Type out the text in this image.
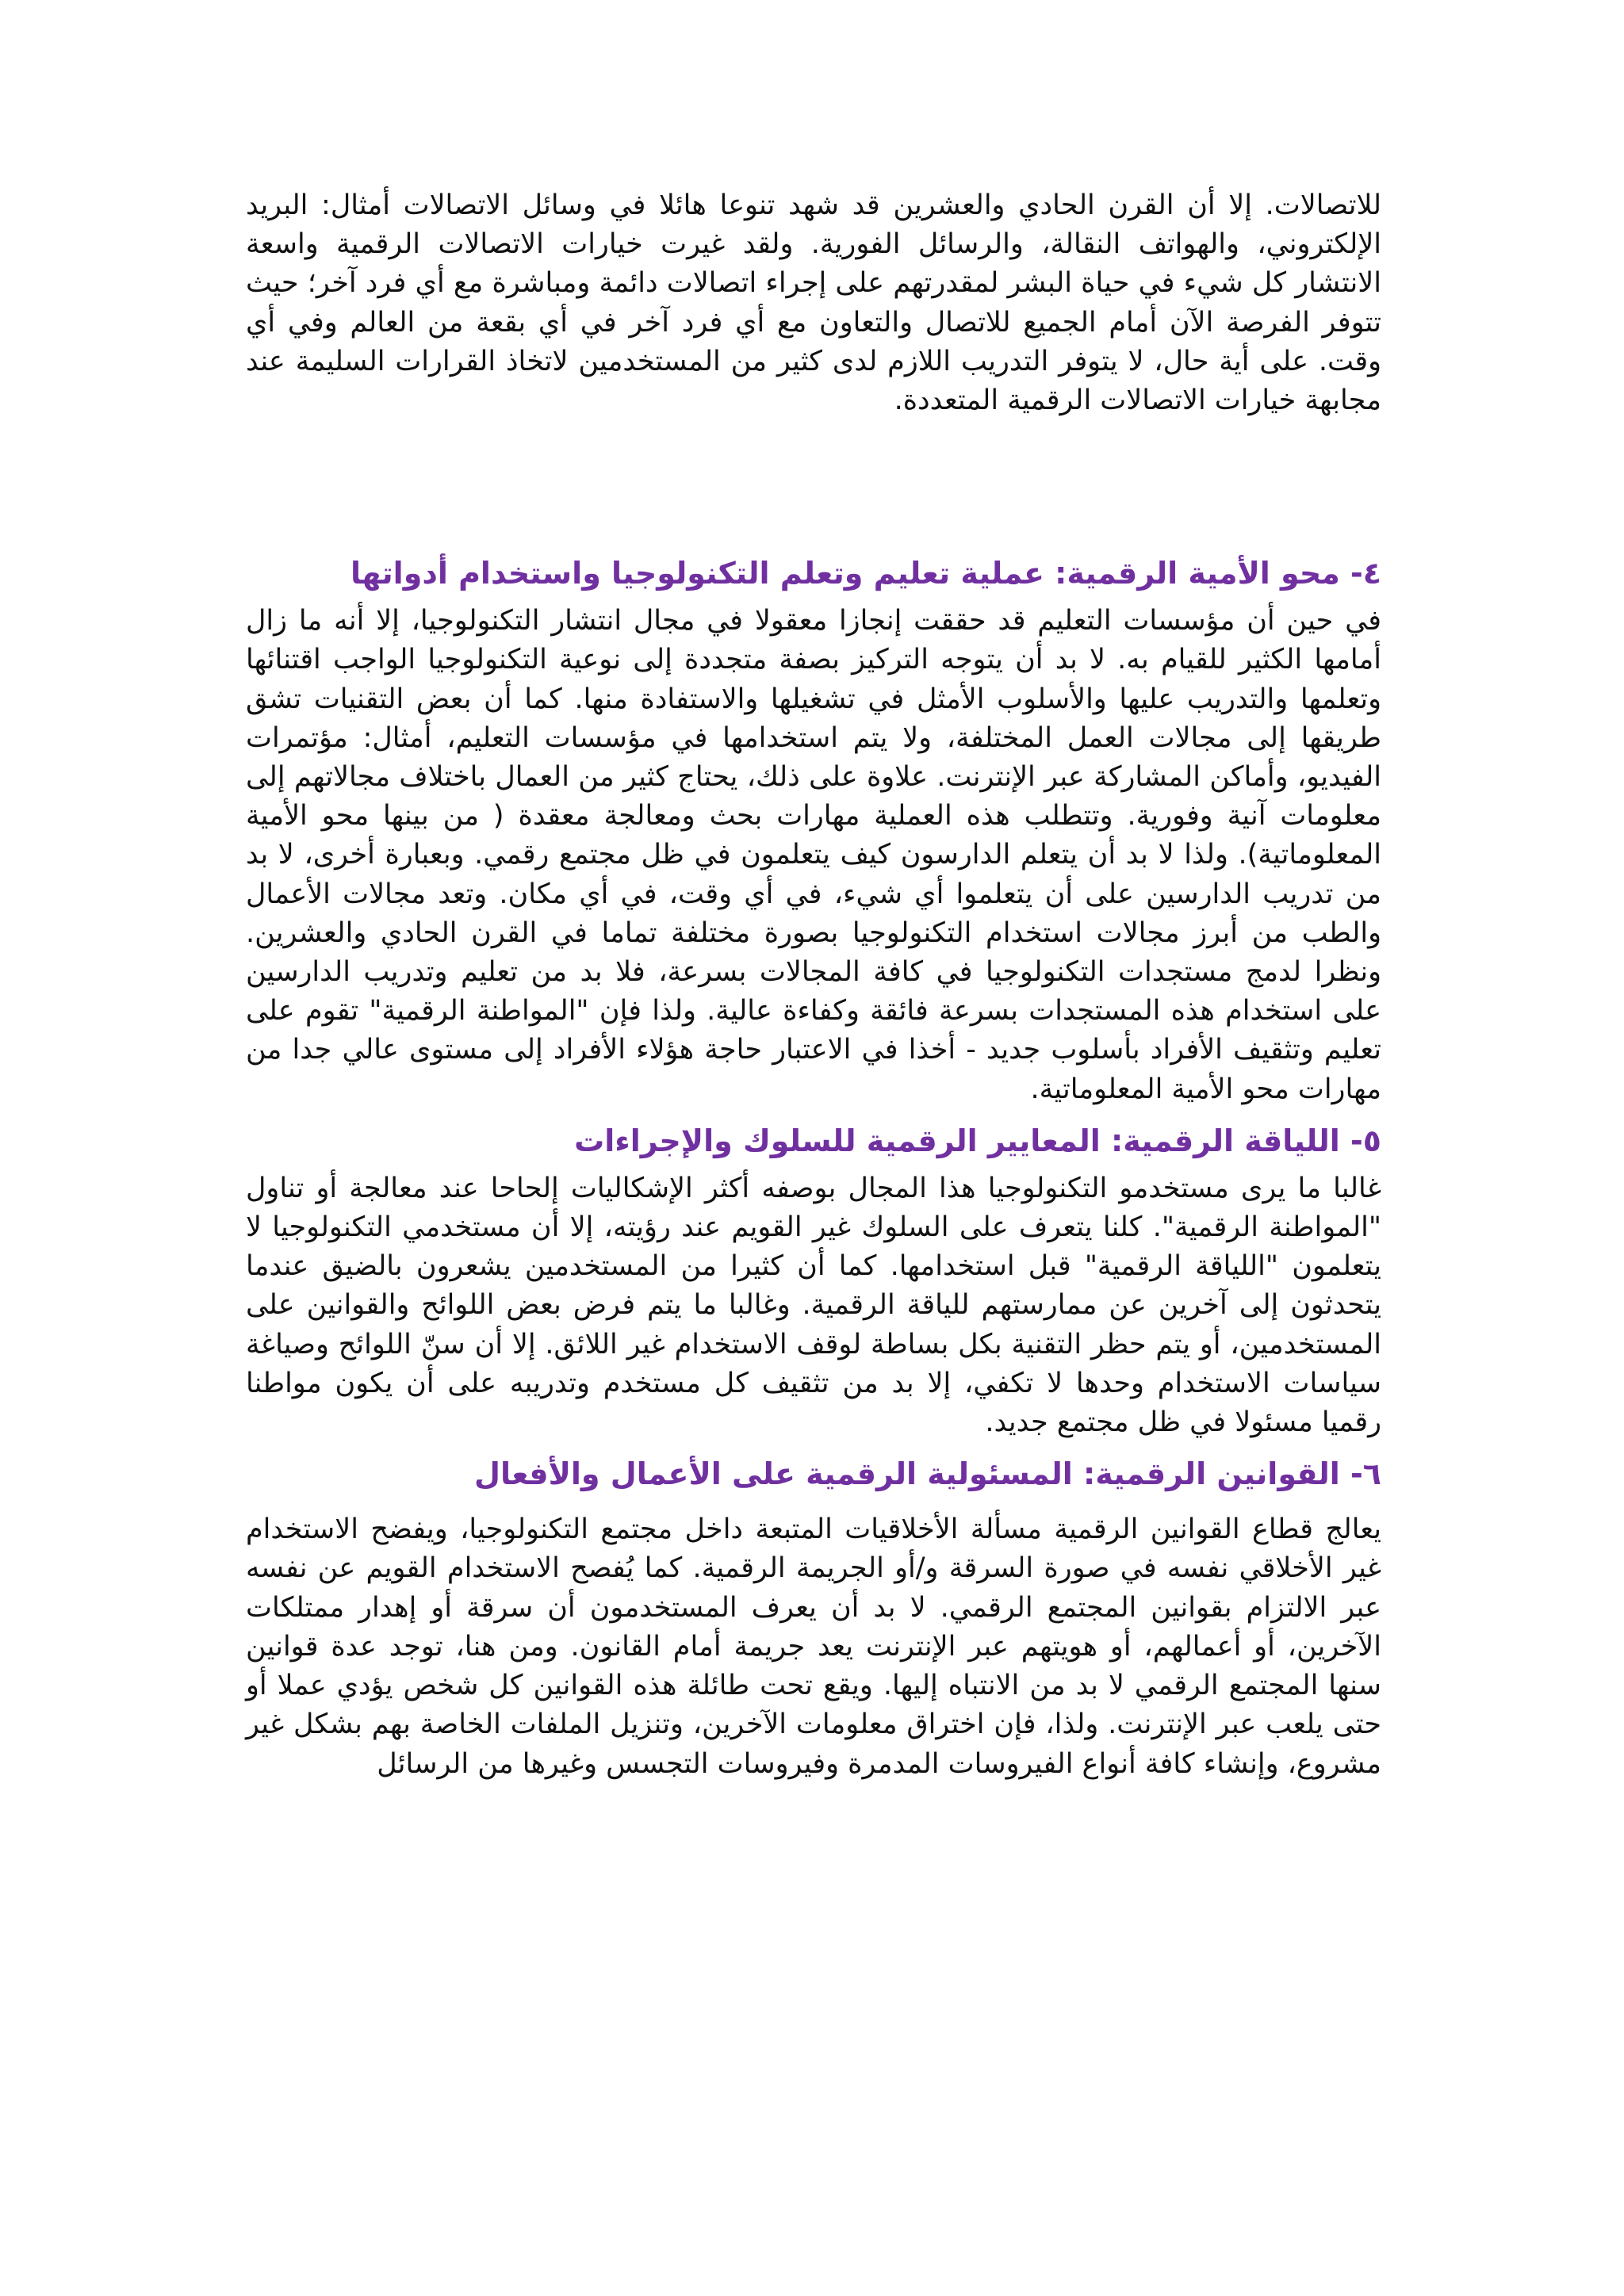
للاتصالات. إلا أن القرن الحادي والعشرين قد شهد تنوعا هائلا في وسائل الاتصالات أمثال: البريد الإلكتروني، والهواتف النقالة، والرسائل الفورية. ولقد غيرت خيارات الاتصالات الرقمية واسعة الانتشار كل شيء في حياة البشر لمقدرتهم على إجراء اتصالات دائمة ومباشرة مع أي فرد آخر؛ حيث تتوفر الفرصة الآن أمام الجميع للاتصال والتعاون مع أي فرد آخر في أي بقعة من العالم وفي أي وقت. على أية حال، لا يتوفر التدريب اللازم لدى كثير من المستخدمين لاتخاذ القرارات السليمة عند مجابهة خيارات الاتصالات الرقمية المتعددة.

٤- محو الأمية الرقمية: عملية تعليم وتعلم التكنولوجيا واستخدام أدواتها

في حين أن مؤسسات التعليم قد حققت إنجازا معقولا في مجال انتشار التكنولوجيا، إلا أنه ما زال أمامها الكثير للقيام به. لا بد أن يتوجه التركيز بصفة متجددة إلى نوعية التكنولوجيا الواجب اقتنائها وتعلمها والتدريب عليها والأسلوب الأمثل في تشغيلها والاستفادة منها. كما أن بعض التقنيات تشق طريقها إلى مجالات العمل المختلفة، ولا يتم استخدامها في مؤسسات التعليم، أمثال: مؤتمرات الفيديو، وأماكن المشاركة عبر الإنترنت. علاوة على ذلك، يحتاج كثير من العمال باختلاف مجالاتهم إلى معلومات آنية وفورية. وتتطلب هذه العملية مهارات بحث ومعالجة معقدة ( من بينها محو الأمية المعلوماتية). ولذا لا بد أن يتعلم الدارسون كيف يتعلمون في ظل مجتمع رقمي. وبعبارة أخرى، لا بد من تدريب الدارسين على أن يتعلموا أي شيء، في أي وقت، في أي مكان. وتعد مجالات الأعمال والطب من أبرز مجالات استخدام التكنولوجيا بصورة مختلفة تماما في القرن الحادي والعشرين. ونظرا لدمج مستجدات التكنولوجيا في كافة المجالات بسرعة، فلا بد من تعليم وتدريب الدارسين على استخدام هذه المستجدات بسرعة فائقة وكفاءة عالية. ولذا فإن "المواطنة الرقمية" تقوم على تعليم وتثقيف الأفراد بأسلوب جديد - أخذا في الاعتبار حاجة هؤلاء الأفراد إلى مستوى عالي جدا من مهارات محو الأمية المعلوماتية.

٥- اللياقة الرقمية: المعايير الرقمية للسلوك والإجراءات

غالبا ما يرى مستخدمو التكنولوجيا هذا المجال بوصفه أكثر الإشكاليات إلحاحا عند معالجة أو تناول "المواطنة الرقمية". كلنا يتعرف على السلوك غير القويم عند رؤيته، إلا أن مستخدمي التكنولوجيا لا يتعلمون "اللياقة الرقمية" قبل استخدامها. كما أن كثيرا من المستخدمين يشعرون بالضيق عندما يتحدثون إلى آخرين عن ممارستهم للياقة الرقمية. وغالبا ما يتم فرض بعض اللوائح والقوانين على المستخدمين، أو يتم حظر التقنية بكل بساطة لوقف الاستخدام غير اللائق. إلا أن سنّ اللوائح وصياغة سياسات الاستخدام وحدها لا تكفي، إلا بد من تثقيف كل مستخدم وتدريبه على أن يكون مواطنا رقميا مسئولا في ظل مجتمع جديد.

٦- القوانين الرقمية: المسئولية الرقمية على الأعمال والأفعال

يعالج قطاع القوانين الرقمية مسألة الأخلاقيات المتبعة داخل مجتمع التكنولوجيا، ويفضح الاستخدام غير الأخلاقي نفسه في صورة السرقة و/أو الجريمة الرقمية. كما يُفصح الاستخدام القويم عن نفسه عبر الالتزام بقوانين المجتمع الرقمي. لا بد أن يعرف المستخدمون أن سرقة أو إهدار ممتلكات الآخرين، أو أعمالهم، أو هويتهم عبر الإنترنت يعد جريمة أمام القانون. ومن هنا، توجد عدة قوانين سنها المجتمع الرقمي لا بد من الانتباه إليها. ويقع تحت طائلة هذه القوانين كل شخص يؤدي عملا أو حتى يلعب عبر الإنترنت. ولذا، فإن اختراق معلومات الآخرين، وتنزيل الملفات الخاصة بهم بشكل غير مشروع، وإنشاء كافة أنواع الفيروسات المدمرة وفيروسات التجسس وغيرها من الرسائل
